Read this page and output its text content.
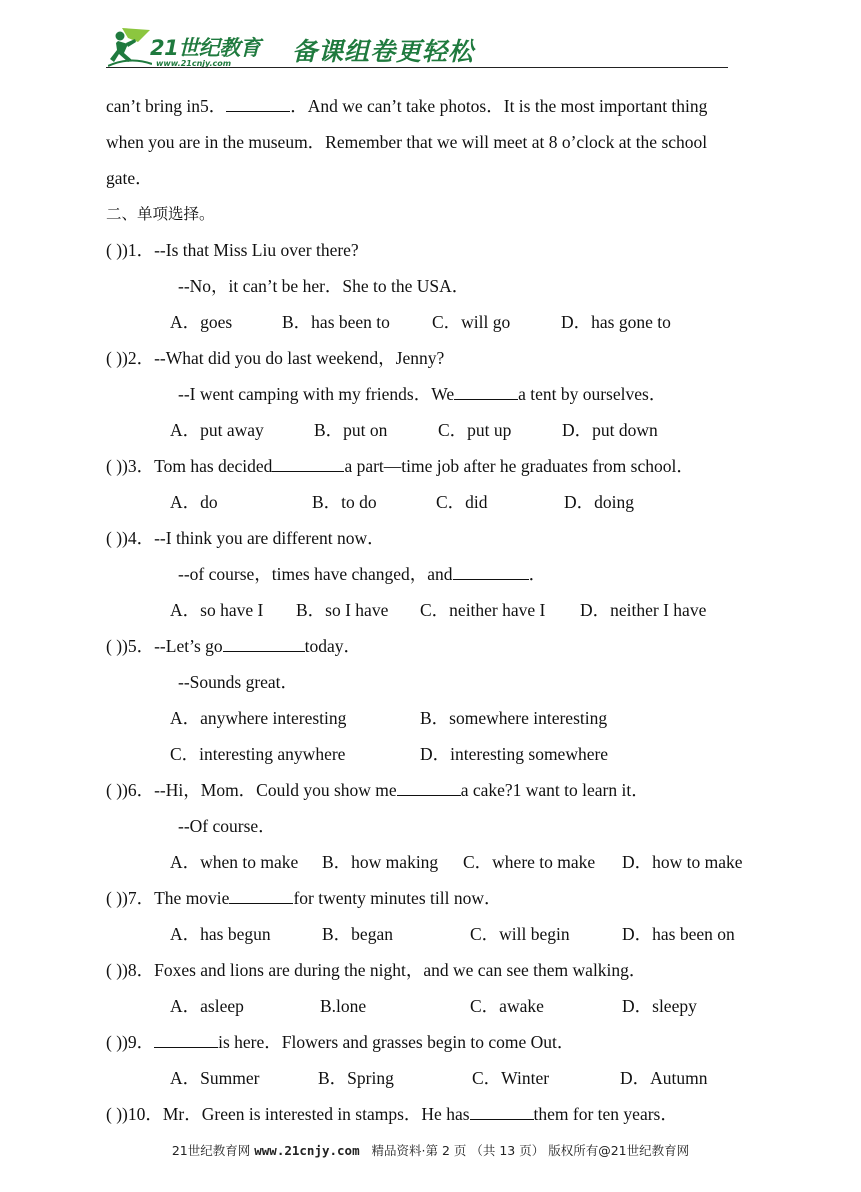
21世纪教育
www.21cnjy.com 备课组卷更轻松
can’t bring in5．	．And we can’t take photos．It is the most important thing
when you are in the museum．Remember that we will meet at 8 o’clock at the school
gate．
二、单项选择。
( ))1．--Is that Miss Liu over there?
--No，it can’t be her．She to the USA．
A．goes	B．has been to C．will go	D．has gone to
( ))2．--What did you do last weekend，Jenny?
--I went camping with my friends．We	a tent by ourselves．
A．put away	B．put on	C．put up	D．put down
( ))3．Tom has decided	a part—time job after he graduates from school．
A．do	B．to do	C．did	D．doing
( ))4．--I think you are different now．
--of course，times have changed，and	．
A．so have I B．so I have C．neither have I D．neither I have
( ))5．--Let’s go	today．
--Sounds great．
A．anywhere interesting	B．somewhere interesting
C．interesting anywhere	D．interesting somewhere
( ))6．--Hi，Mom．Could you show me	a cake?1 want to learn it．
--Of course．
A．when to make B．how making C．where to make D．how to make
( ))7．The movie	for twenty minutes till now．
A．has begun	B．began	C．will begin	D．has been on
( ))8．Foxes and lions are during the night，and we can see them walking．
A．asleep	B.lone	C．awake	D．sleepy
( ))9．	is here．Flowers and grasses begin to come Out．
A．Summer	B．Spring	C．Winter	D．Autumn
( ))10．Mr．Green is interested in stamps．He has	them for ten years．
21世纪教育网 www.21cnjy.com 精品资料·第 2 页 （共 13 页） 版权所有@21世纪教育网
